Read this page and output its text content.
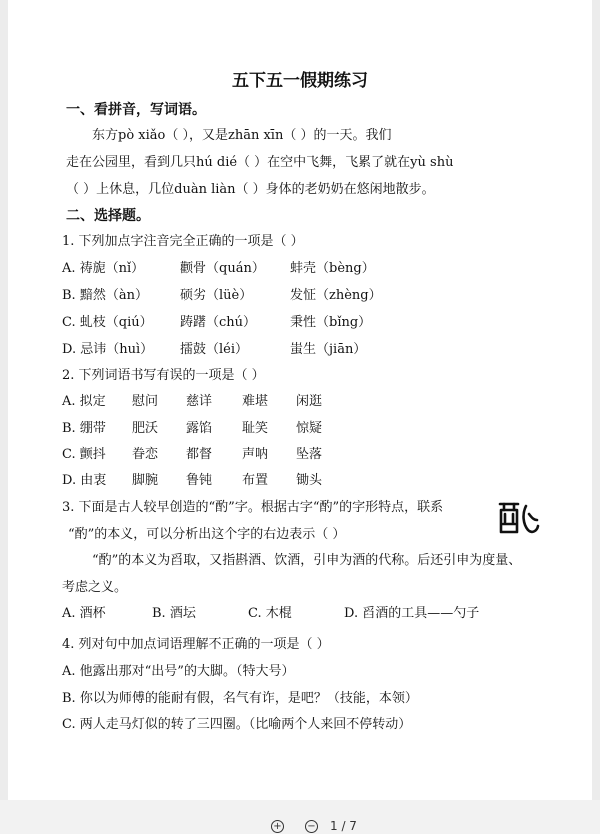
五下五一假期练习
一、看拼音，写词语。
东方pò xiǎo（ ），又是zhān xīn（ ）的一天。我们
走在公园里，看到几只hú dié（ ）在空中飞舞，飞累了就在yù shù
（ ）上休息，几位duàn liàn（ ）身体的老奶奶在悠闲地散步。
二、选择题。
1. 下列加点字注音完全正确的一项是（ ）
A. 祷旎（nǐ）	颧骨（quán） 蚌壳（bèng）
B. 黯然（àn） 硕劣（lüè）	发怔（zhèng）
C. 虬枝（qiú） 踌躇（chú）	秉性（bǐng）
D. 忌讳（huì） 擂鼓（léi）	蚩生（jiān）
2. 下列词语书写有误的一项是（ ）
A. 拟定 慰问 慈详 难堪 闲逛
B. 绷带 肥沃 露馅 耻笑 惊疑
C. 颤抖 眷恋 都督 声呐 坠落
D. 由衷 脚腕 鲁钝 布置 锄头
3. 下面是古人较早创造的“酌”字。根据古字“酌”的字形特点，联系
“酌”的本义，可以分析出这个字的右边表示（ ）
“酌”的本义为舀取，又指斟酒、饮酒，引申为酒的代称。后还引申为度量、
考虑之义。
A. 酒杯	B. 酒坛	C. 木棍	D. 舀酒的工具——勺子
4. 列对句中加点词语理解不正确的一项是（ ）
A. 他露出那对“出号”的大脚。（特大号）
B. 你以为师傅的能耐有假，名气有诈，是吧？（技能，本领）
C. 两人走马灯似的转了三四圈。（比喻两个人来回不停转动）
+	− 1 / 7
